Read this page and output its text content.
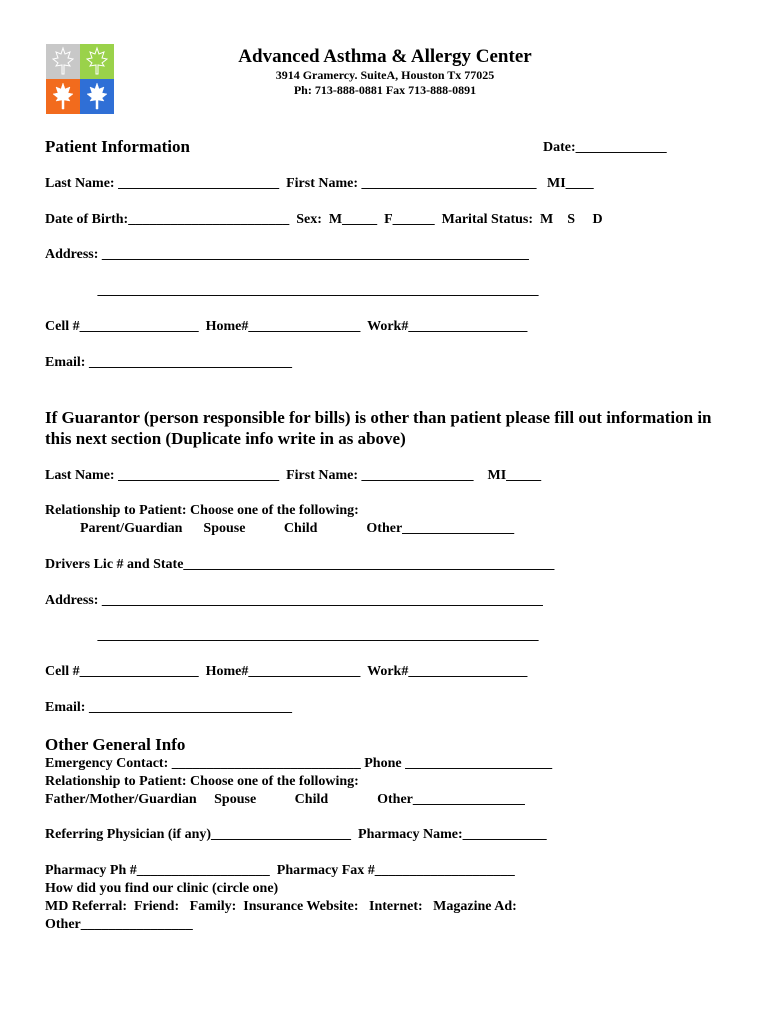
Advanced Asthma & Allergy Center
3914 Gramercy. SuiteA, Houston Tx 77025
Ph: 713-888-0881 Fax 713-888-0891
Patient Information	Date:_____________
Last Name: _______________________  First Name: _________________________   MI____
Date of Birth:_______________________  Sex:  M_____  F______  Marital Status:  M    S     D
Address: _____________________________________________________________
_______________________________________________________________
Cell #_________________  Home#________________  Work#_________________
Email: _____________________________
If Guarantor (person responsible for bills) is other than patient please fill out information in this next section (Duplicate info write in as above)
Last Name: _______________________  First Name: ________________    MI_____
Relationship to Patient: Choose one of the following:
Parent/Guardian      Spouse           Child              Other________________
Drivers Lic # and State_____________________________________________________
Address: _______________________________________________________________
_______________________________________________________________
Cell #_________________  Home#________________  Work#_________________
Email: _____________________________
Other General Info
Emergency Contact: ___________________________ Phone _____________________
Relationship to Patient: Choose one of the following:
Father/Mother/Guardian     Spouse           Child              Other________________
Referring Physician (if any)____________________  Pharmacy Name:____________
Pharmacy Ph #___________________  Pharmacy Fax #____________________
How did you find our clinic (circle one)
MD Referral:  Friend:   Family:  Insurance Website:   Internet:   Magazine Ad:
Other________________
